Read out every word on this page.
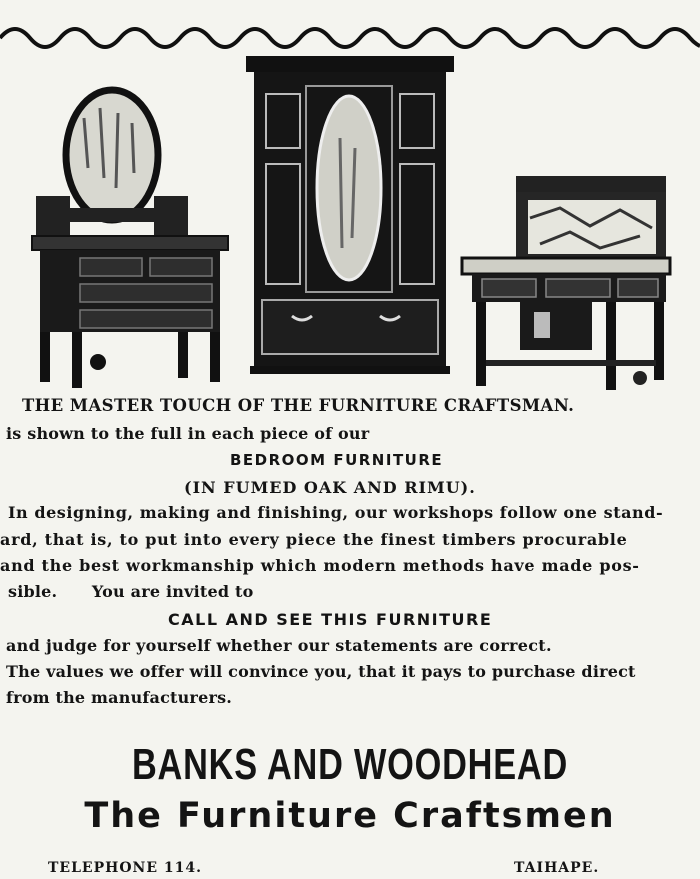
THE MASTER TOUCH OF THE FURNITURE CRAFTSMAN.
is shown to the full in each piece of our
BEDROOM FURNITURE
(IN FUMED OAK AND RIMU).
In designing, making and finishing, our workshops follow one stand-
ard, that is, to put into every piece the finest timbers procurable
and the best workmanship which modern methods have made pos-
sible.      You are invited to
CALL AND SEE THIS FURNITURE
and judge for yourself whether our statements are correct.
The values we offer will convince you, that it pays to purchase direct
from the manufacturers.
BANKS AND WOODHEAD
The Furniture Craftsmen
TELEPHONE 114.	TAIHAPE.
